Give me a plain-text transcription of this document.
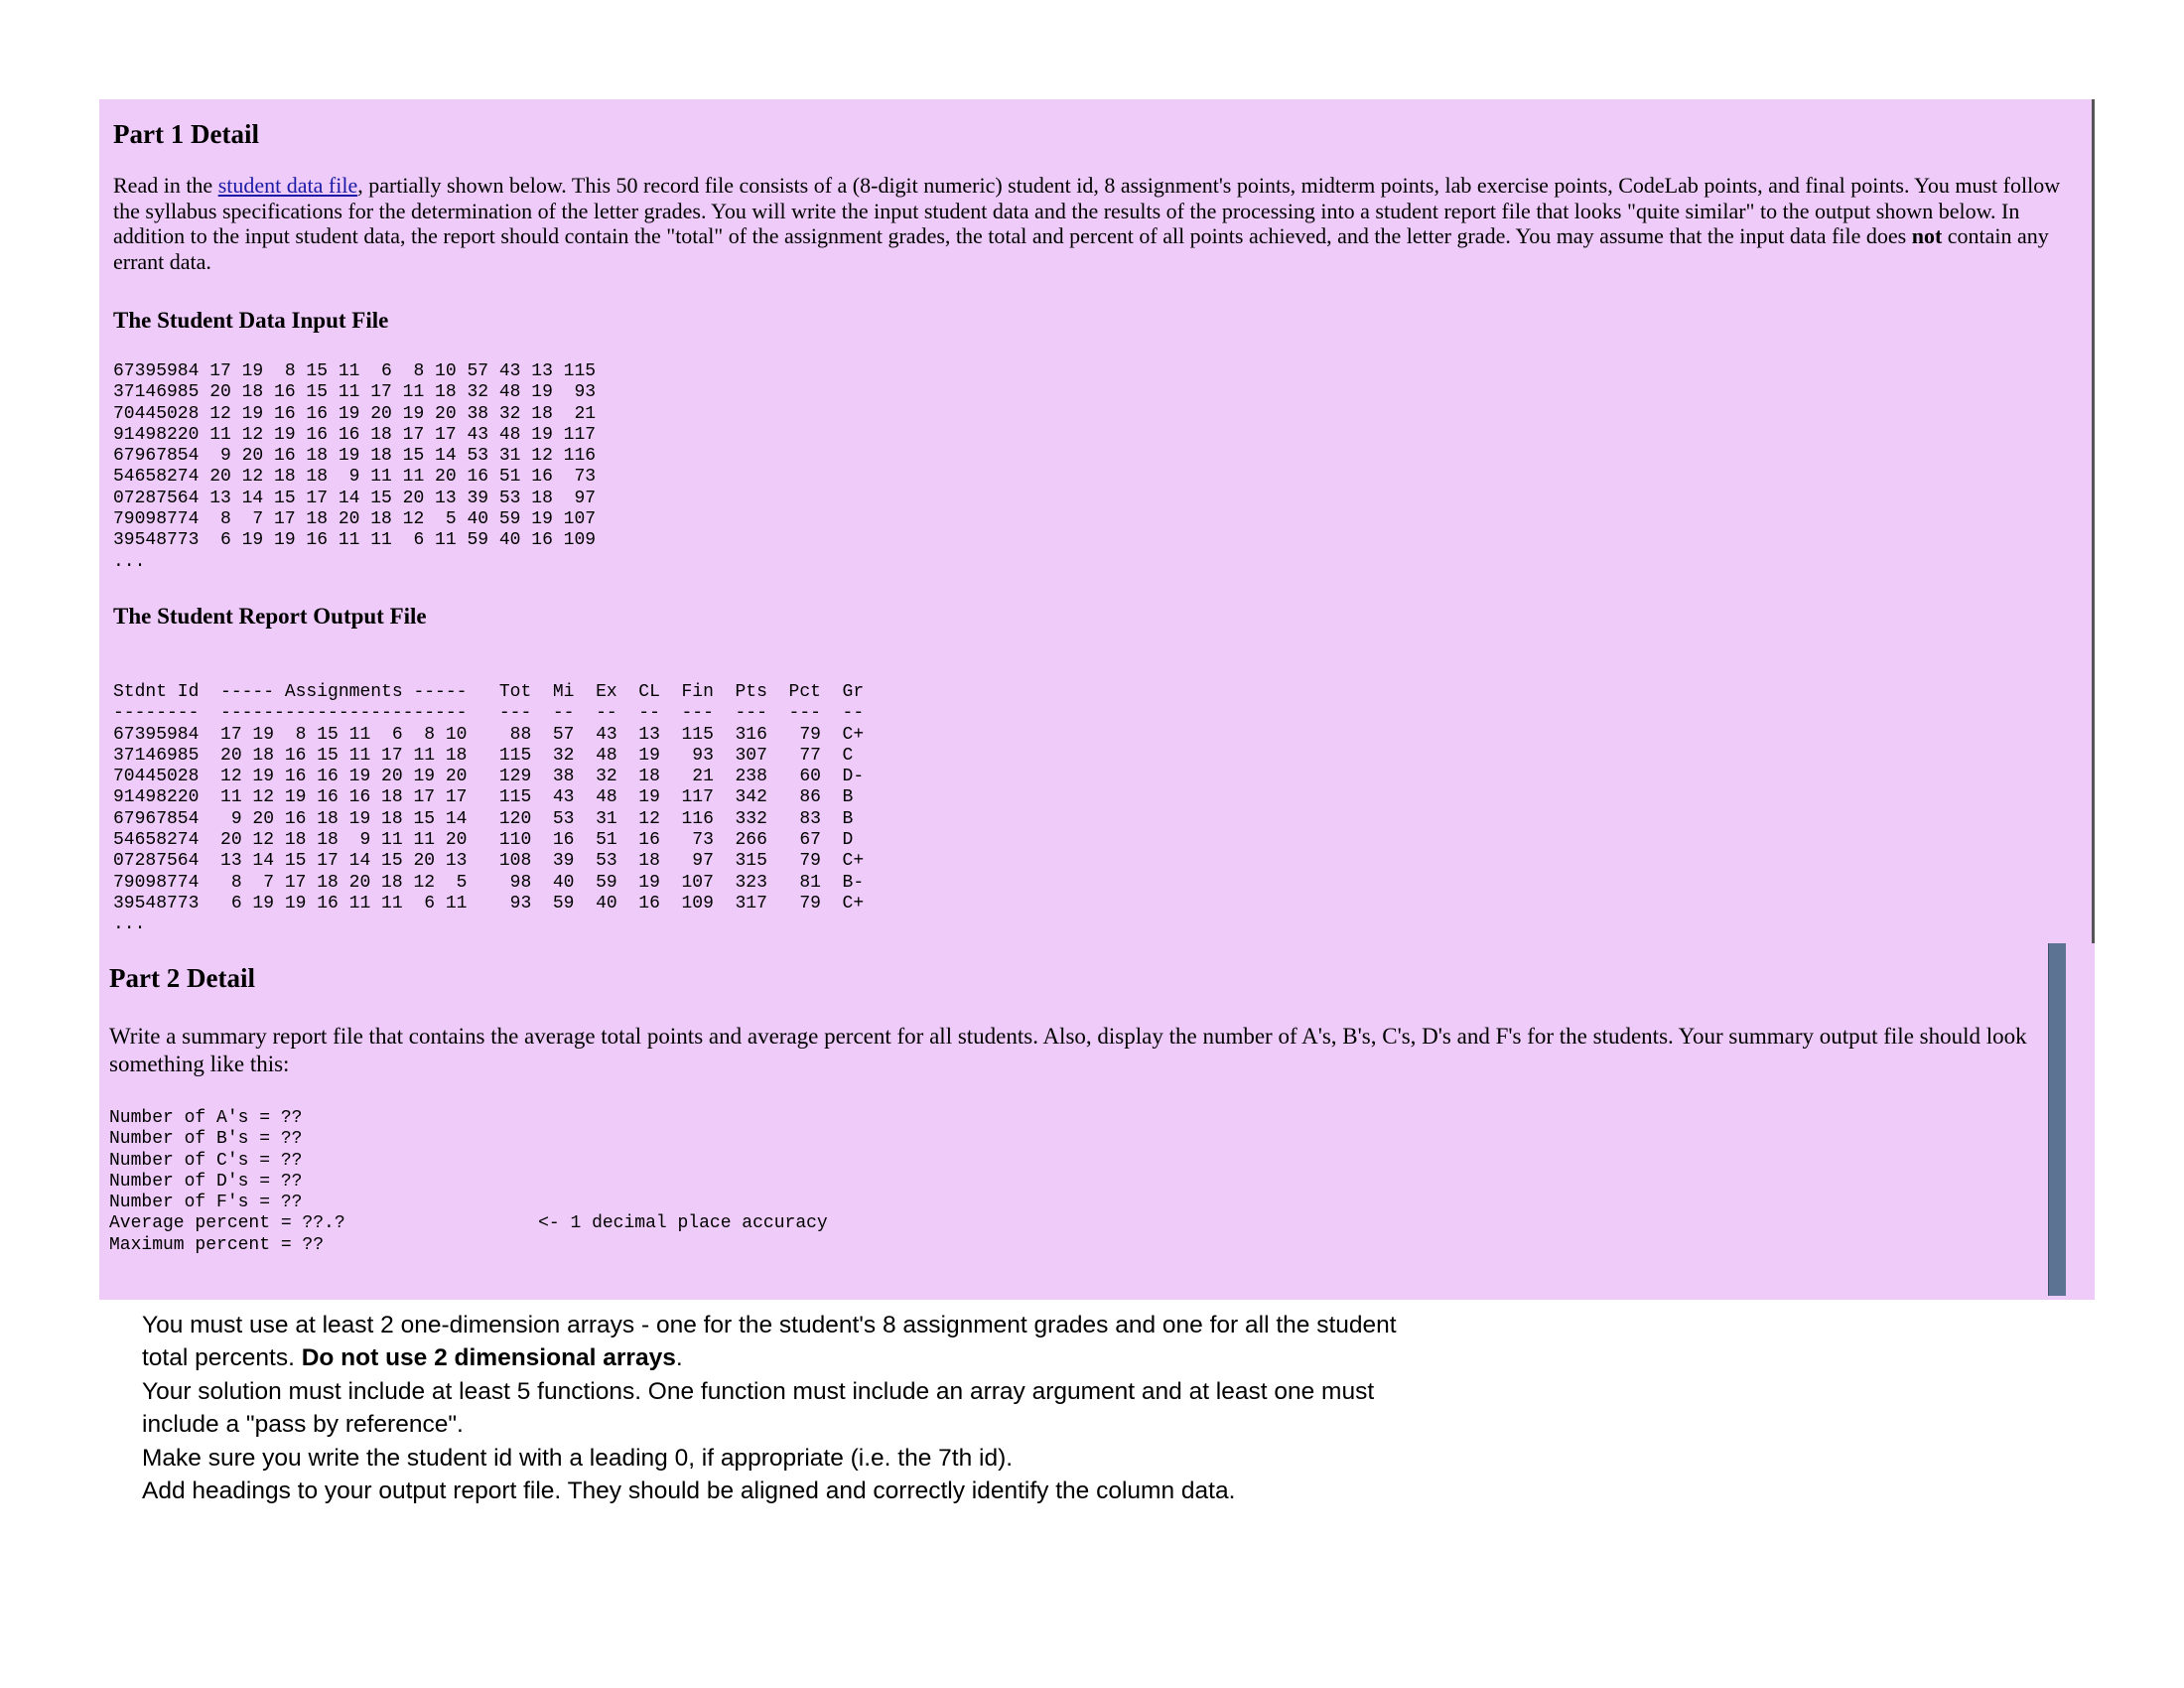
Part 1 Detail

Read in the student data file, partially shown below. This 50 record file consists of a (8-digit numeric) student id, 8 assignment's points, midterm points, lab exercise points, CodeLab points, and final points. You must follow the syllabus specifications for the determination of the letter grades. You will write the input student data and the results of the processing into a student report file that looks "quite similar" to the output shown below. In addition to the input student data, the report should contain the "total" of the assignment grades, the total and percent of all points achieved, and the letter grade. You may assume that the input data file does not contain any errant data.

The Student Data Input File
67395984 17 19  8 15 11  6  8 10 57 43 13 115
37146985 20 18 16 15 11 17 11 18 32 48 19  93
70445028 12 19 16 16 19 20 19 20 38 32 18  21
91498220 11 12 19 16 16 18 17 17 43 48 19 117
67967854  9 20 16 18 19 18 15 14 53 31 12 116
54658274 20 12 18 18  9 11 11 20 16 51 16  73
07287564 13 14 15 17 14 15 20 13 39 53 18  97
79098774  8  7 17 18 20 18 12  5 40 59 19 107
39548773  6 19 19 16 11 11  6 11 59 40 16 109
...
The Student Report Output File
Stdnt Id  ----- Assignments -----   Tot  Mi  Ex  CL  Fin  Pts  Pct  Gr
--------  -----------------------   ---  --  --  --  ---  ---  ---  --
67395984  17 19  8 15 11  6  8 10    88  57  43  13  115  316   79  C+
37146985  20 18 16 15 11 17 11 18   115  32  48  19   93  307   77  C
70445028  12 19 16 16 19 20 19 20   129  38  32  18   21  238   60  D-
91498220  11 12 19 16 16 18 17 17   115  43  48  19  117  342   86  B
67967854   9 20 16 18 19 18 15 14   120  53  31  12  116  332   83  B
54658274  20 12 18 18  9 11 11 20   110  16  51  16   73  266   67  D
07287564  13 14 15 17 14 15 20 13   108  39  53  18   97  315   79  C+
79098774   8  7 17 18 20 18 12  5    98  40  59  19  107  323   81  B-
39548773   6 19 19 16 11 11  6 11    93  59  40  16  109  317   79  C+
...
Part 2 Detail

Write a summary report file that contains the average total points and average percent for all students. Also, display the number of A's, B's, C's, D's and F's for the students. Your summary output file should look something like this:

Number of A's = ??
Number of B's = ??
Number of C's = ??
Number of D's = ??
Number of F's = ??
Average percent = ??.?                  <- 1 decimal place accuracy
Maximum percent = ??
You must use at least 2 one-dimension arrays - one for the student's 8 assignment grades and one for all the student
total percents. Do not use 2 dimensional arrays.
Your solution must include at least 5 functions. One function must include an array argument and at least one must
include a "pass by reference".
Make sure you write the student id with a leading 0, if appropriate (i.e. the 7th id).
Add headings to your output report file. They should be aligned and correctly identify the column data.
